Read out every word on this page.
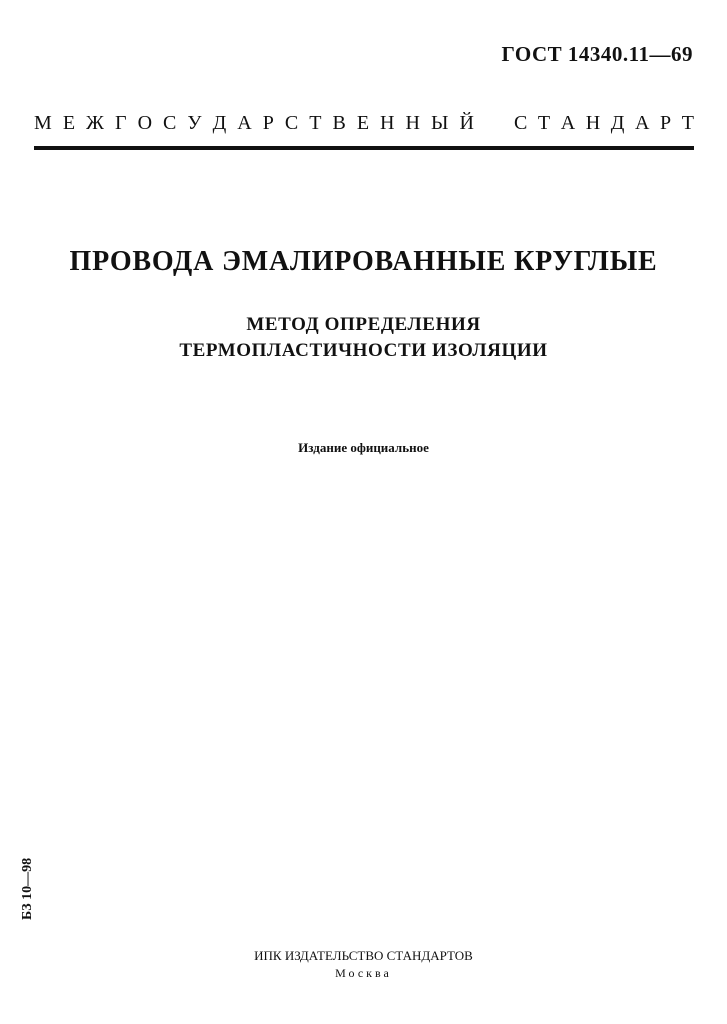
ГОСТ 14340.11—69
М Е Ж Г О С У Д А Р С Т В Е Н Н Ы Й С Т А Н Д А Р Т
ПРОВОДА ЭМАЛИРОВАННЫЕ КРУГЛЫЕ
МЕТОД ОПРЕДЕЛЕНИЯ
ТЕРМОПЛАСТИЧНОСТИ ИЗОЛЯЦИИ
Издание официальное
БЗ 10—98
ИПК ИЗДАТЕЛЬСТВО СТАНДАРТОВ
Москва
